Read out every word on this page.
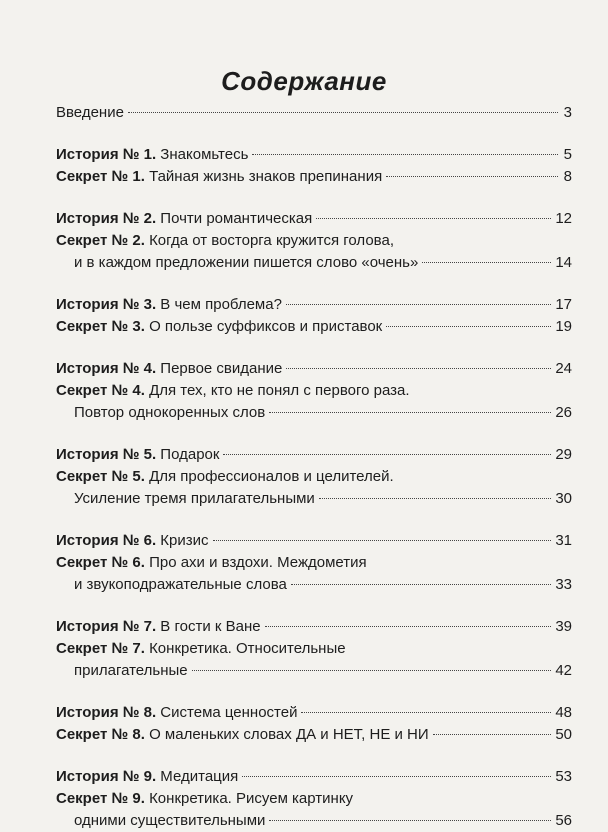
Содержание
Введение	3
История № 1. Знакомьтесь	5
Секрет № 1. Тайная жизнь знаков препинания	8
История № 2. Почти романтическая	12
Секрет № 2. Когда от восторга кружится голова,
и в каждом предложении пишется слово «очень»	14
История № 3. В чем проблема?	17
Секрет № 3. О пользе суффиксов и приставок	19
История № 4. Первое свидание	24
Секрет № 4. Для тех, кто не понял с первого раза.
Повтор однокоренных слов	26
История № 5. Подарок	29
Секрет № 5. Для профессионалов и целителей.
Усиление тремя прилагательными	30
История № 6. Кризис	31
Секрет № 6. Про ахи и вздохи. Междометия
и звукоподражательные слова	33
История № 7. В гости к Ване	39
Секрет № 7. Конкретика. Относительные
прилагательные	42
История № 8. Система ценностей	48
Секрет № 8. О маленьких словах ДА и НЕТ, НЕ и НИ	50
История № 9. Медитация	53
Секрет № 9. Конкретика. Рисуем картинку
одними существительными	56
